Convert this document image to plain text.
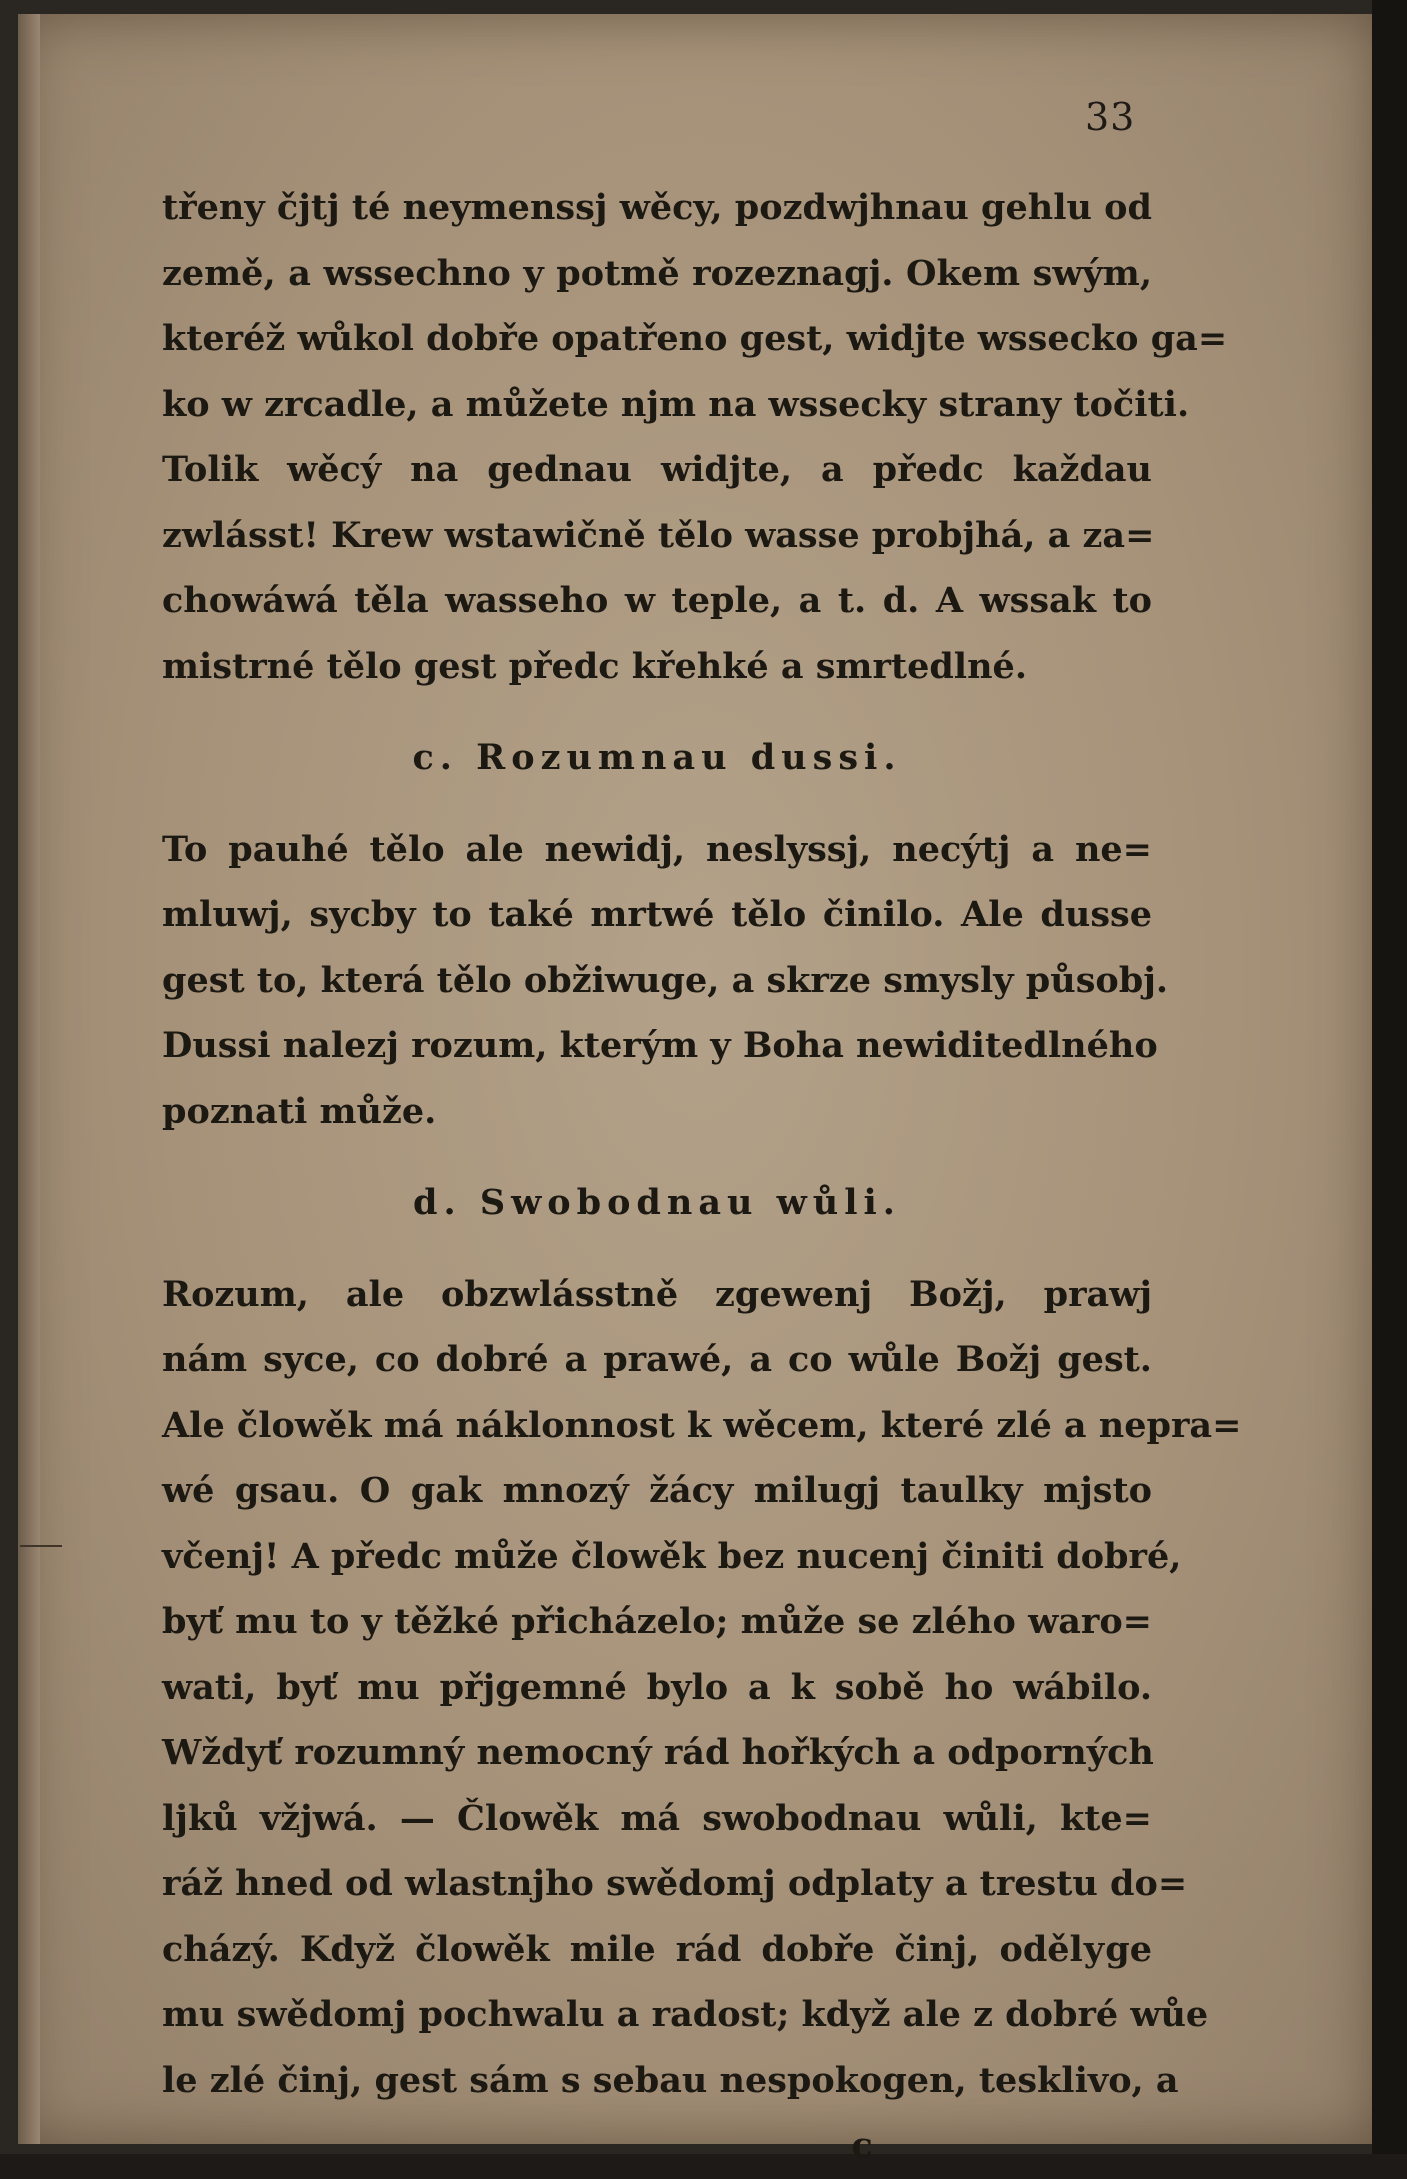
33
třeny čjtj té neymenssj wěcy, pozdwjhnau gehlu od
země, a wssechno y potmě rozeznagj. Okem swým,
kteréž wůkol dobře opatřeno gest, widjte wssecko ga=
ko w zrcadle, a můžete njm na wssecky strany točiti.
Tolik wěcý na gednau widjte, a předc každau
zwlásst! Krew wstawičně tělo wasse probjhá, a za=
chowáwá těla wasseho w teple, a t. d. A wssak to
mistrné tělo gest předc křehké a smrtedlné.
c. Rozumnau dussi.
To pauhé tělo ale newidj, neslyssj, necýtj a ne=
mluwj, sycby to také mrtwé tělo činilo. Ale dusse
gest to, která tělo obžiwuge, a skrze smysly působj.
Dussi nalezj rozum, kterým y Boha newiditedlného
poznati může.
d. Swobodnau wůli.
Rozum, ale obzwlásstně zgewenj Božj, prawj
nám syce, co dobré a prawé, a co wůle Božj gest.
Ale člowěk má náklonnost k wěcem, které zlé a nepra=
wé gsau. O gak mnozý žácy milugj taulky mjsto
včenj! A předc může člowěk bez nucenj činiti dobré,
byť mu to y těžké přicházelo; může se zlého waro=
wati, byť mu přjgemné bylo a k sobě ho wábilo.
Wždyť rozumný nemocný rád hořkých a odporných
ljků vžjwá. — Člowěk má swobodnau wůli, kte=
ráž hned od wlastnjho swědomj odplaty a trestu do=
cházý. Když člowěk mile rád dobře činj, odělуge
mu swědomj pochwalu a radost; když ale z dobré wůe
le zlé činj, gest sám s sebau nespokogen, tesklivo, a
c
